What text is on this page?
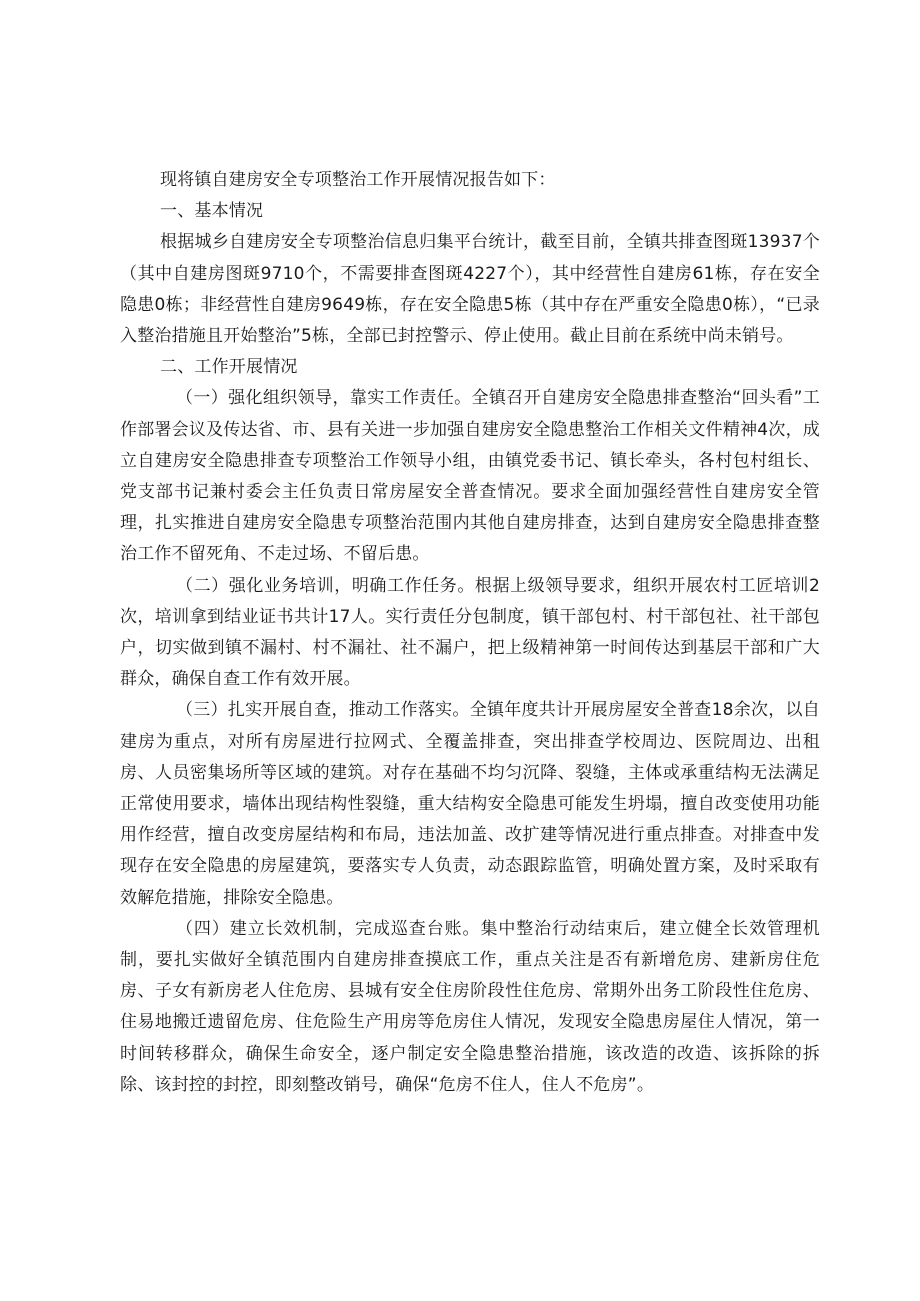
现将镇自建房安全专项整治工作开展情况报告如下：

一、基本情况

根据城乡自建房安全专项整治信息归集平台统计，截至目前，全镇共排查图斑13937个（其中自建房图斑9710个，不需要排查图斑4227个），其中经营性自建房61栋，存在安全隐患0栋；非经营性自建房9649栋，存在安全隐患5栋（其中存在严重安全隐患0栋），“已录入整治措施且开始整治”5栋，全部已封控警示、停止使用。截止目前在系统中尚未销号。

二、工作开展情况

（一）强化组织领导，靠实工作责任。全镇召开自建房安全隐患排查整治“回头看”工作部署会议及传达省、市、县有关进一步加强自建房安全隐患整治工作相关文件精神4次，成立自建房安全隐患排查专项整治工作领导小组，由镇党委书记、镇长牵头，各村包村组长、党支部书记兼村委会主任负责日常房屋安全普查情况。要求全面加强经营性自建房安全管理，扎实推进自建房安全隐患专项整治范围内其他自建房排查，达到自建房安全隐患排查整治工作不留死角、不走过场、不留后患。

（二）强化业务培训，明确工作任务。根据上级领导要求，组织开展农村工匠培训2次，培训拿到结业证书共计17人。实行责任分包制度，镇干部包村、村干部包社、社干部包户，切实做到镇不漏村、村不漏社、社不漏户，把上级精神第一时间传达到基层干部和广大群众，确保自查工作有效开展。

（三）扎实开展自查，推动工作落实。全镇年度共计开展房屋安全普查18余次，以自建房为重点，对所有房屋进行拉网式、全覆盖排查，突出排查学校周边、医院周边、出租房、人员密集场所等区域的建筑。对存在基础不均匀沉降、裂缝，主体或承重结构无法满足正常使用要求，墙体出现结构性裂缝，重大结构安全隐患可能发生坍塌，擅自改变使用功能用作经营，擅自改变房屋结构和布局，违法加盖、改扩建等情况进行重点排查。对排查中发现存在安全隐患的房屋建筑，要落实专人负责，动态跟踪监管，明确处置方案，及时采取有效解危措施，排除安全隐患。

（四）建立长效机制，完成巡查台账。集中整治行动结束后，建立健全长效管理机制，要扎实做好全镇范围内自建房排查摸底工作，重点关注是否有新增危房、建新房住危房、子女有新房老人住危房、县城有安全住房阶段性住危房、常期外出务工阶段性住危房、住易地搬迁遗留危房、住危险生产用房等危房住人情况，发现安全隐患房屋住人情况，第一时间转移群众，确保生命安全，逐户制定安全隐患整治措施，该改造的改造、该拆除的拆除、该封控的封控，即刻整改销号，确保“危房不住人，住人不危房”。
